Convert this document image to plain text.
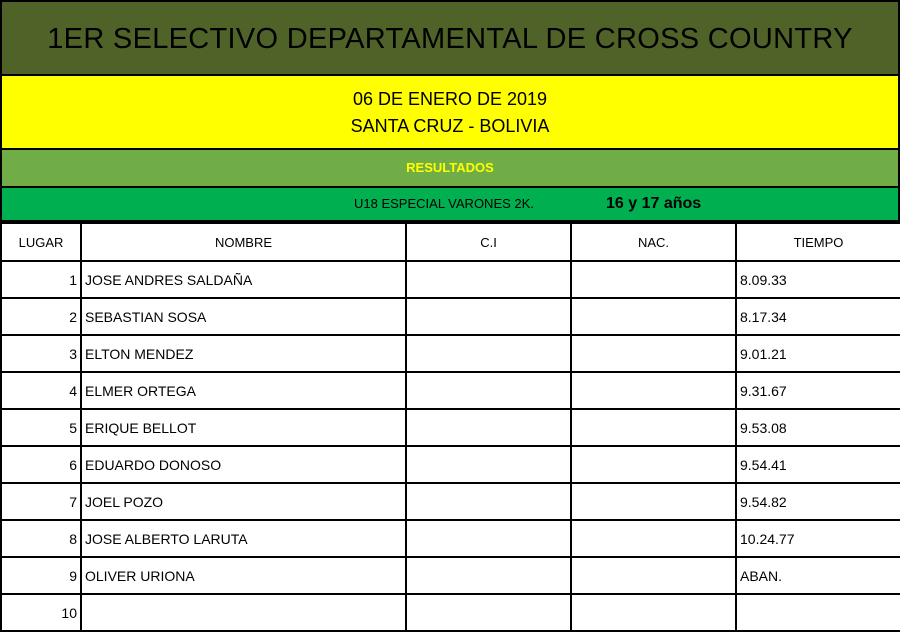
1ER SELECTIVO DEPARTAMENTAL DE CROSS COUNTRY
06 DE ENERO DE 2019
SANTA CRUZ - BOLIVIA
RESULTADOS
U18 ESPECIAL VARONES 2K.	16 y 17 años
LUGAR	NOMBRE	C.I	NAC.	TIEMPO
1	JOSE ANDRES SALDAÑA			8.09.33
2	SEBASTIAN SOSA			8.17.34
3	ELTON MENDEZ			9.01.21
4	ELMER ORTEGA			9.31.67
5	ERIQUE BELLOT			9.53.08
6	EDUARDO DONOSO			9.54.41
7	JOEL POZO			9.54.82
8	JOSE ALBERTO LARUTA			10.24.77
9	OLIVER URIONA			ABAN.
10				
